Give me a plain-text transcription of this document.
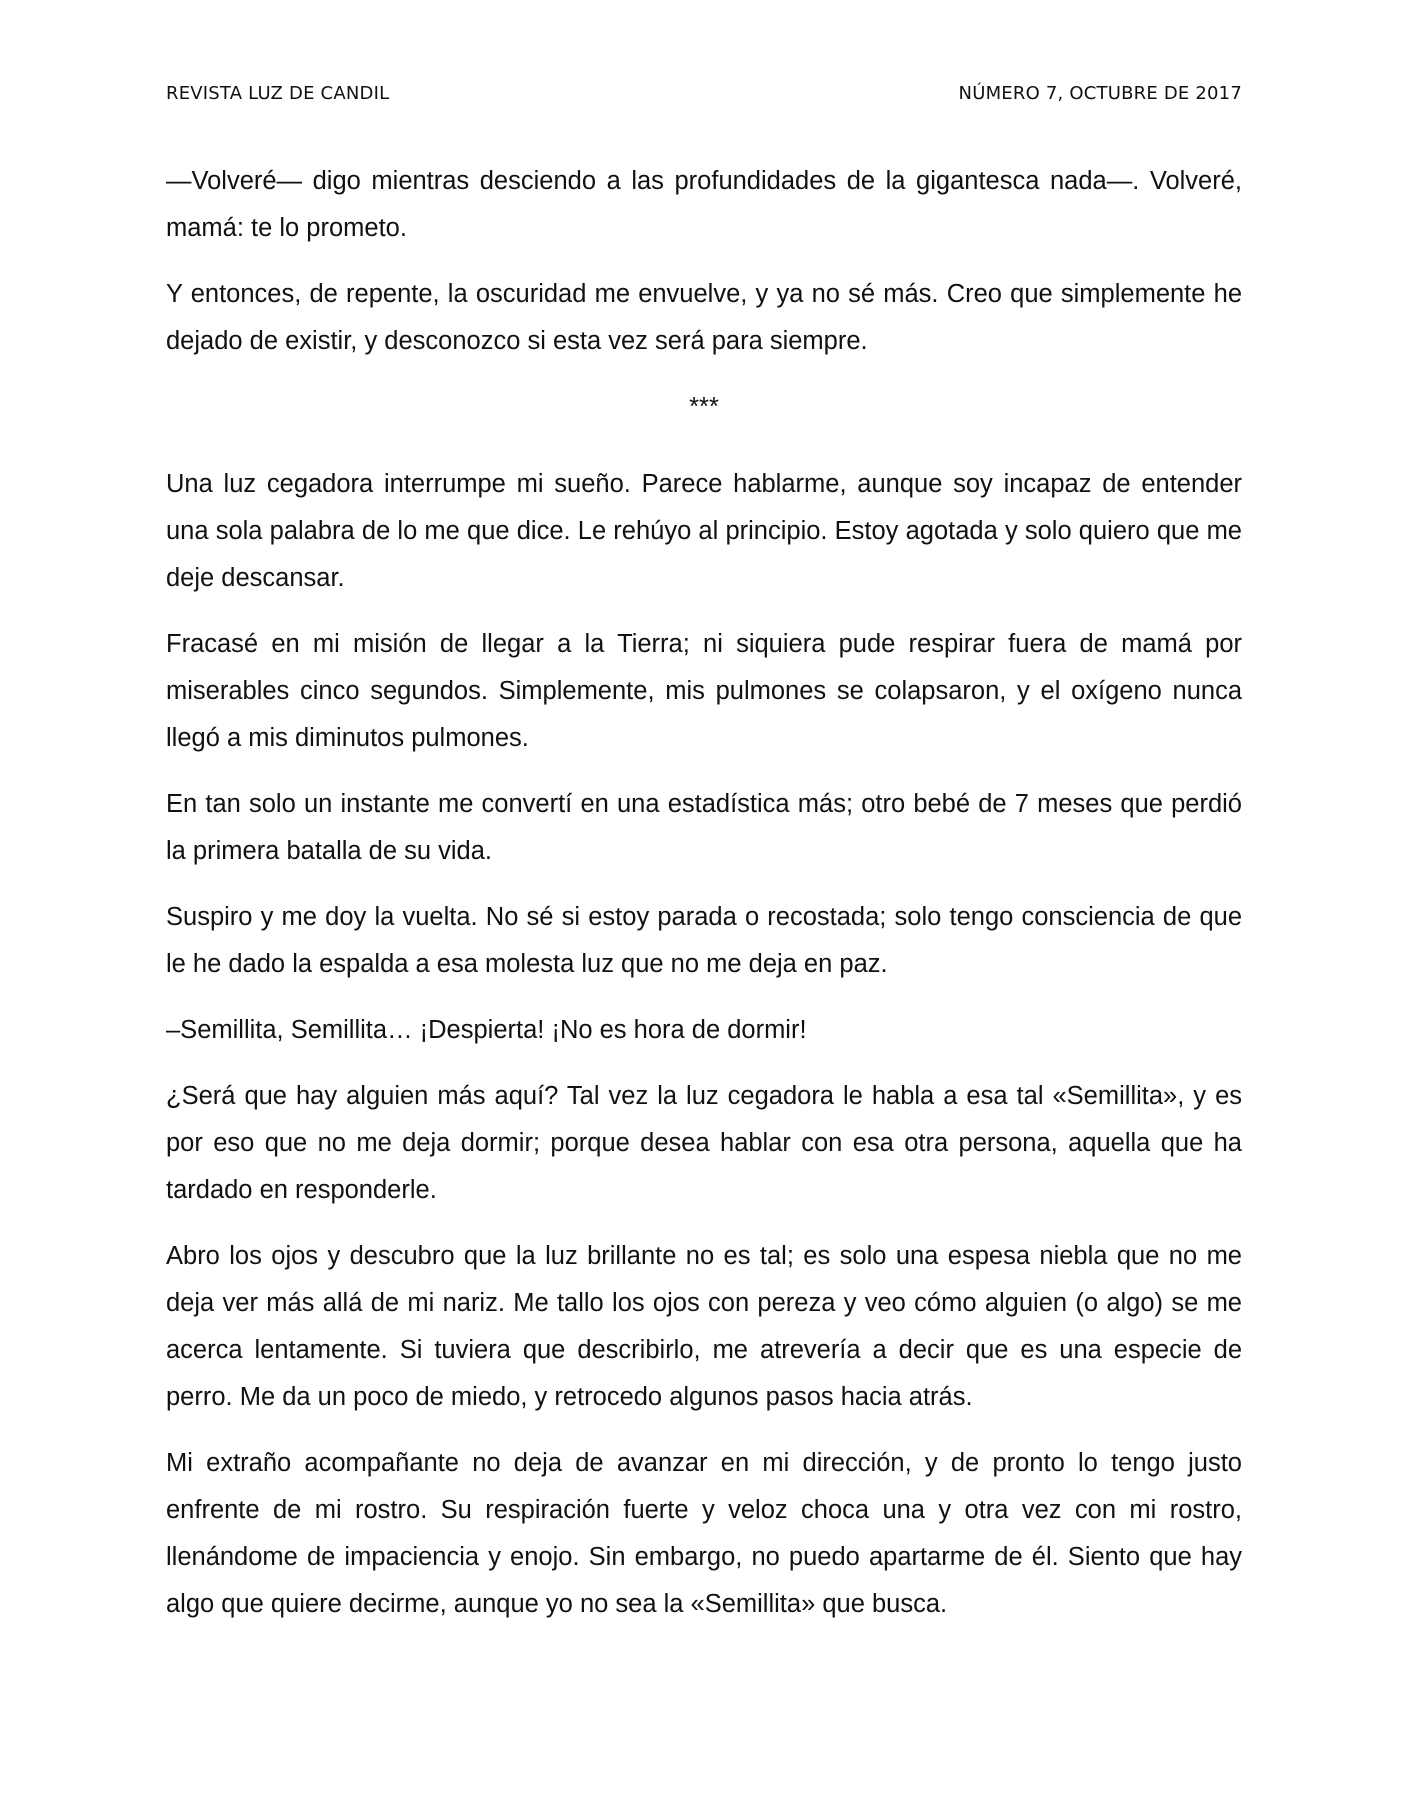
REVISTA LUZ DE CANDIL	NÚMERO 7, OCTUBRE DE 2017

—Volveré— digo mientras desciendo a las profundidades de la gigantesca nada—. Volveré, mamá: te lo prometo.

Y entonces, de repente, la oscuridad me envuelve, y ya no sé más. Creo que simplemente he dejado de existir, y desconozco si esta vez será para siempre.

***

Una luz cegadora interrumpe mi sueño. Parece hablarme, aunque soy incapaz de entender una sola palabra de lo me que dice. Le rehúyo al principio. Estoy agotada y solo quiero que me deje descansar.

Fracasé en mi misión de llegar a la Tierra; ni siquiera pude respirar fuera de mamá por miserables cinco segundos. Simplemente, mis pulmones se colapsaron, y el oxígeno nunca llegó a mis diminutos pulmones.

En tan solo un instante me convertí en una estadística más; otro bebé de 7 meses que perdió la primera batalla de su vida.

Suspiro y me doy la vuelta. No sé si estoy parada o recostada; solo tengo consciencia de que le he dado la espalda a esa molesta luz que no me deja en paz.

–Semillita, Semillita… ¡Despierta! ¡No es hora de dormir!

¿Será que hay alguien más aquí? Tal vez la luz cegadora le habla a esa tal «Semillita», y es por eso que no me deja dormir; porque desea hablar con esa otra persona, aquella que ha tardado en responderle.

Abro los ojos y descubro que la luz brillante no es tal; es solo una espesa niebla que no me deja ver más allá de mi nariz. Me tallo los ojos con pereza y veo cómo alguien (o algo) se me acerca lentamente. Si tuviera que describirlo, me atrevería a decir que es una especie de perro. Me da un poco de miedo, y retrocedo algunos pasos hacia atrás.

Mi extraño acompañante no deja de avanzar en mi dirección, y de pronto lo tengo justo enfrente de mi rostro. Su respiración fuerte y veloz choca una y otra vez con mi rostro, llenándome de impaciencia y enojo. Sin embargo, no puedo apartarme de él. Siento que hay algo que quiere decirme, aunque yo no sea la «Semillita» que busca.
